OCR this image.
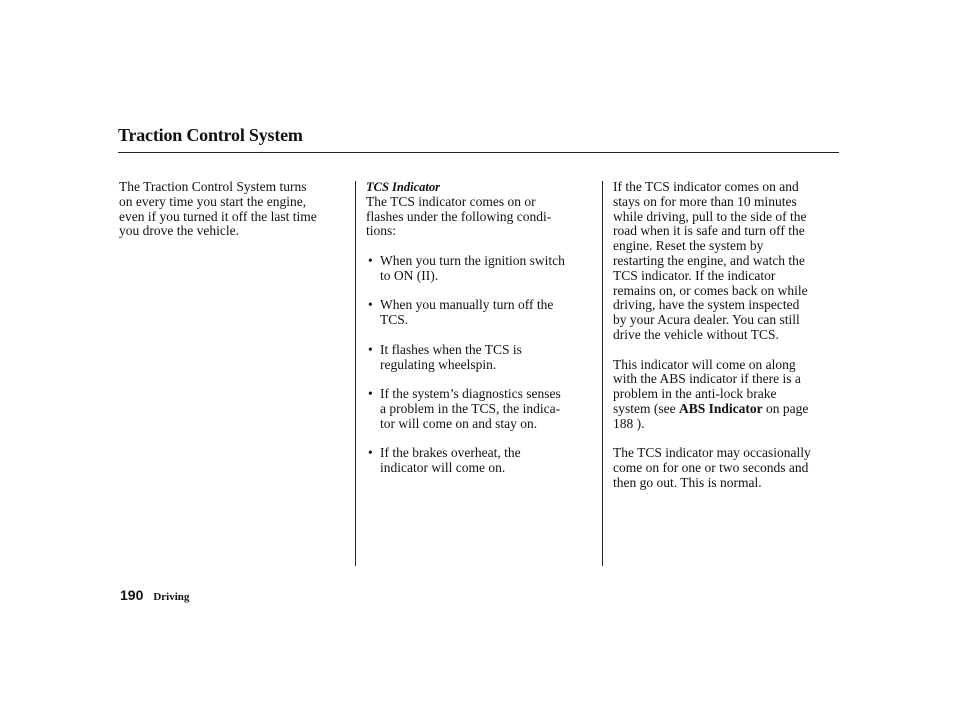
Traction Control System

The Traction Control System turns
on every time you start the engine,
even if you turned it off the last time
you drove the vehicle.

TCS Indicator

The TCS indicator comes on or
flashes under the following condi-
tions:

• When you turn the ignition switch
to ON (II).
• When you manually turn off the
TCS.
• It flashes when the TCS is
regulating wheelspin.
• If the system’s diagnostics senses
a problem in the TCS, the indica-
tor will come on and stay on.
• If the brakes overheat, the
indicator will come on.

If the TCS indicator comes on and
stays on for more than 10 minutes
while driving, pull to the side of the
road when it is safe and turn off the
engine. Reset the system by
restarting the engine, and watch the
TCS indicator. If the indicator
remains on, or comes back on while
driving, have the system inspected
by your Acura dealer. You can still
drive the vehicle without TCS.

This indicator will come on along
with the ABS indicator if there is a
problem in the anti-lock brake
system (see ABS Indicator on page
188 ).

The TCS indicator may occasionally
come on for one or two seconds and
then go out. This is normal.

190 Driving
